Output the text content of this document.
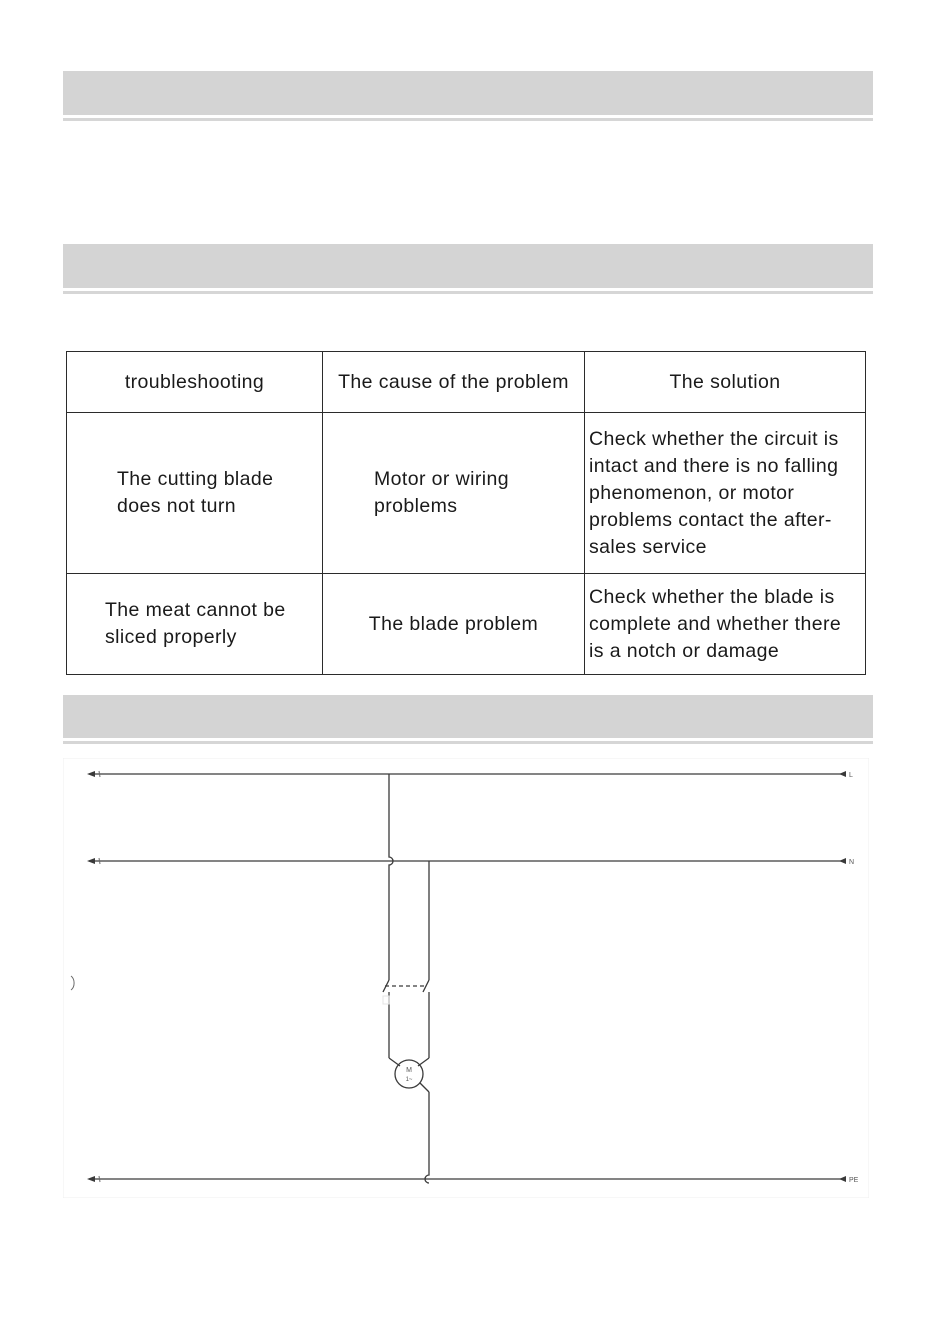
troubleshooting	The cause of the problem	The solution

The cutting blade does not turn	Motor or wiring problems	Check whether the circuit is intact and there is no falling phenomenon, or motor problems contact the after-sales service

The meat cannot be sliced properly	The blade problem	Check whether the blade is complete and whether there is a notch or damage
L
N
PE
M
1~
